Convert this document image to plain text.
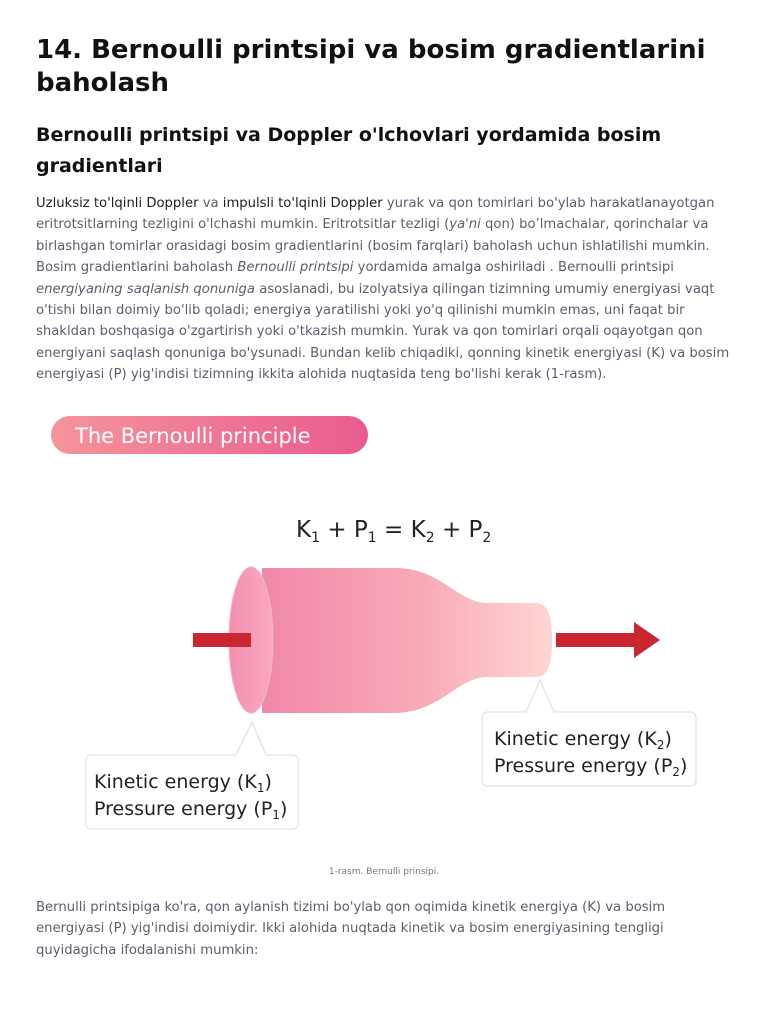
14. Bernoulli printsipi va bosim gradientlarini baholash
Bernoulli printsipi va Doppler o'lchovlari yordamida bosim gradientlari

Uzluksiz to'lqinli Doppler va impulsli to'lqinli Doppler yurak va qon tomirlari bo'ylab harakatlanayotgan eritrotsitlarning tezligini o'lchashi mumkin. Eritrotsitlar tezligi (ya'ni qon) bo’lmachalar, qorinchalar va birlashgan tomirlar orasidagi bosim gradientlarini (bosim farqlari) baholash uchun ishlatilishi mumkin. Bosim gradientlarini baholash Bernoulli printsipi yordamida amalga oshiriladi . Bernoulli printsipi energiyaning saqlanish qonuniga asoslanadi, bu izolyatsiya qilingan tizimning umumiy energiyasi vaqt o'tishi bilan doimiy bo'lib qoladi; energiya yaratilishi yoki yo'q qilinishi mumkin emas, uni faqat bir shakldan boshqasiga o'zgartirish yoki o'tkazish mumkin. Yurak va qon tomirlari orqali oqayotgan qon energiyani saqlash qonuniga bo'ysunadi. Bundan kelib chiqadiki, qonning kinetik energiyasi (K) va bosim energiyasi (P) yig'indisi tizimning ikkita alohida nuqtasida teng bo'lishi kerak (1-rasm).

The Bernoulli principle
$K_1 + P_1 = K_2 + P_2$
Kinetic energy $(K_1)$
Pressure energy $(P_1)$
Kinetic energy $(K_2)$
Pressure energy $(P_2)$
1-rasm. Bernulli prinsipi.

Bernulli printsipiga ko'ra, qon aylanish tizimi bo'ylab qon oqimida kinetik energiya (K) va bosim energiyasi (P) yig'indisi doimiydir. Ikki alohida nuqtada kinetik va bosim energiyasining tengligi quyidagicha ifodalanishi mumkin:
